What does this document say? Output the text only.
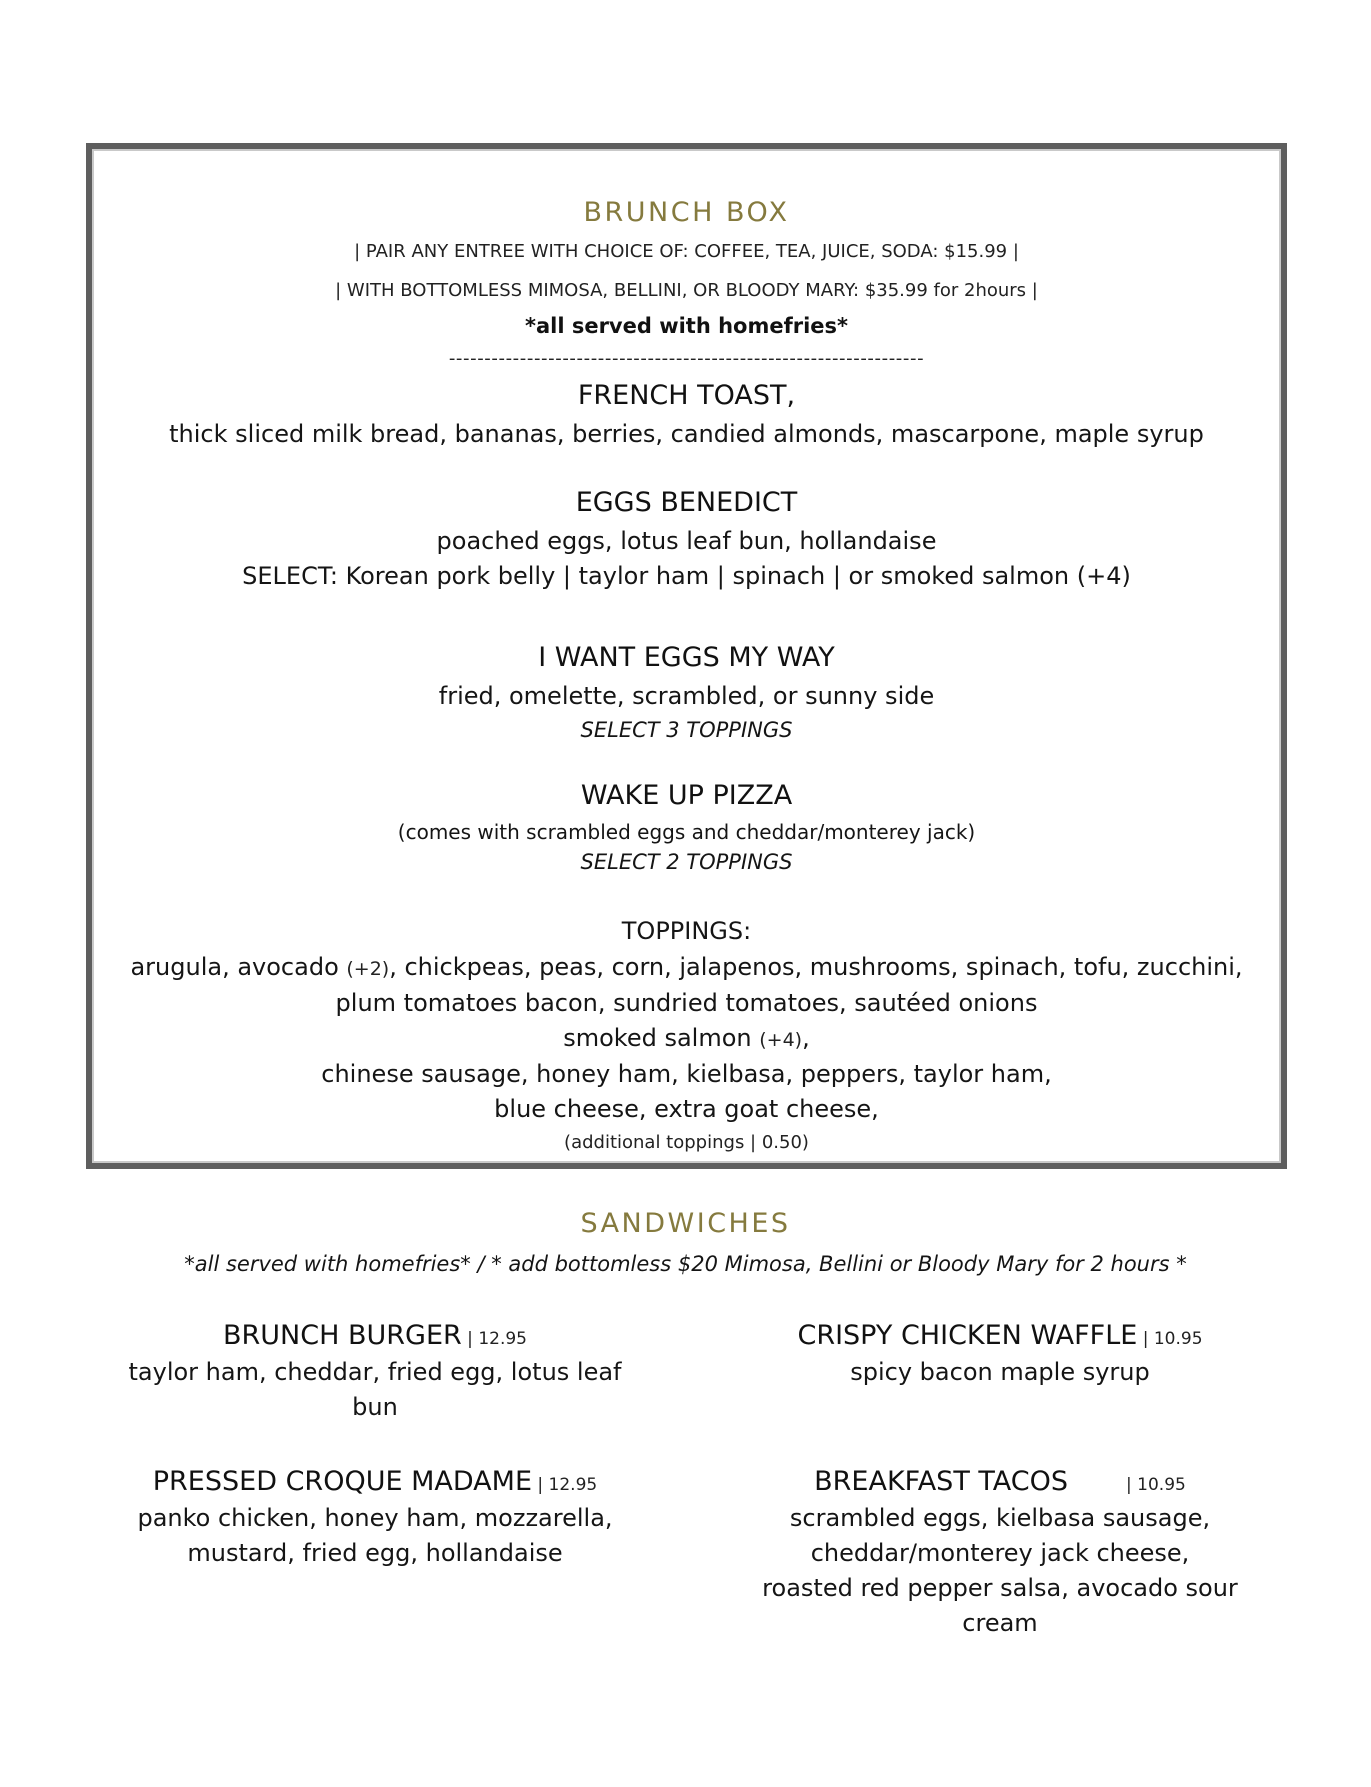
BRUNCH BOX
| PAIR ANY ENTREE WITH CHOICE OF: COFFEE, TEA, JUICE, SODA: $15.99 |
| WITH BOTTOMLESS MIMOSA, BELLINI, OR BLOODY MARY: $35.99 for 2hours |
*all served with homefries*
-------------------------------------------------------------------
FRENCH TOAST,
thick sliced milk bread, bananas, berries, candied almonds, mascarpone, maple syrup
EGGS BENEDICT
poached eggs, lotus leaf bun, hollandaise
SELECT: Korean pork belly | taylor ham | spinach | or smoked salmon (+4)
I WANT EGGS MY WAY
fried, omelette, scrambled, or sunny side
SELECT 3 TOPPINGS
WAKE UP PIZZA
(comes with scrambled eggs and cheddar/monterey jack)
SELECT 2 TOPPINGS
TOPPINGS:
arugula, avocado (+2), chickpeas, peas, corn, jalapenos, mushrooms, spinach, tofu, zucchini,
plum tomatoes bacon, sundried tomatoes, sautéed onions
smoked salmon (+4),
chinese sausage, honey ham, kielbasa, peppers, taylor ham,
blue cheese, extra goat cheese,
(additional toppings | 0.50)
SANDWICHES
*all served with homefries* / * add bottomless $20 Mimosa, Bellini or Bloody Mary for 2 hours *
BRUNCH BURGER | 12.95
taylor ham, cheddar, fried egg, lotus leaf
bun
CRISPY CHICKEN WAFFLE | 10.95
spicy bacon maple syrup
PRESSED CROQUE MADAME | 12.95
panko chicken, honey ham, mozzarella,
mustard, fried egg, hollandaise
BREAKFAST TACOS	| 10.95
scrambled eggs, kielbasa sausage,
cheddar/monterey jack cheese,
roasted red pepper salsa, avocado sour
cream
